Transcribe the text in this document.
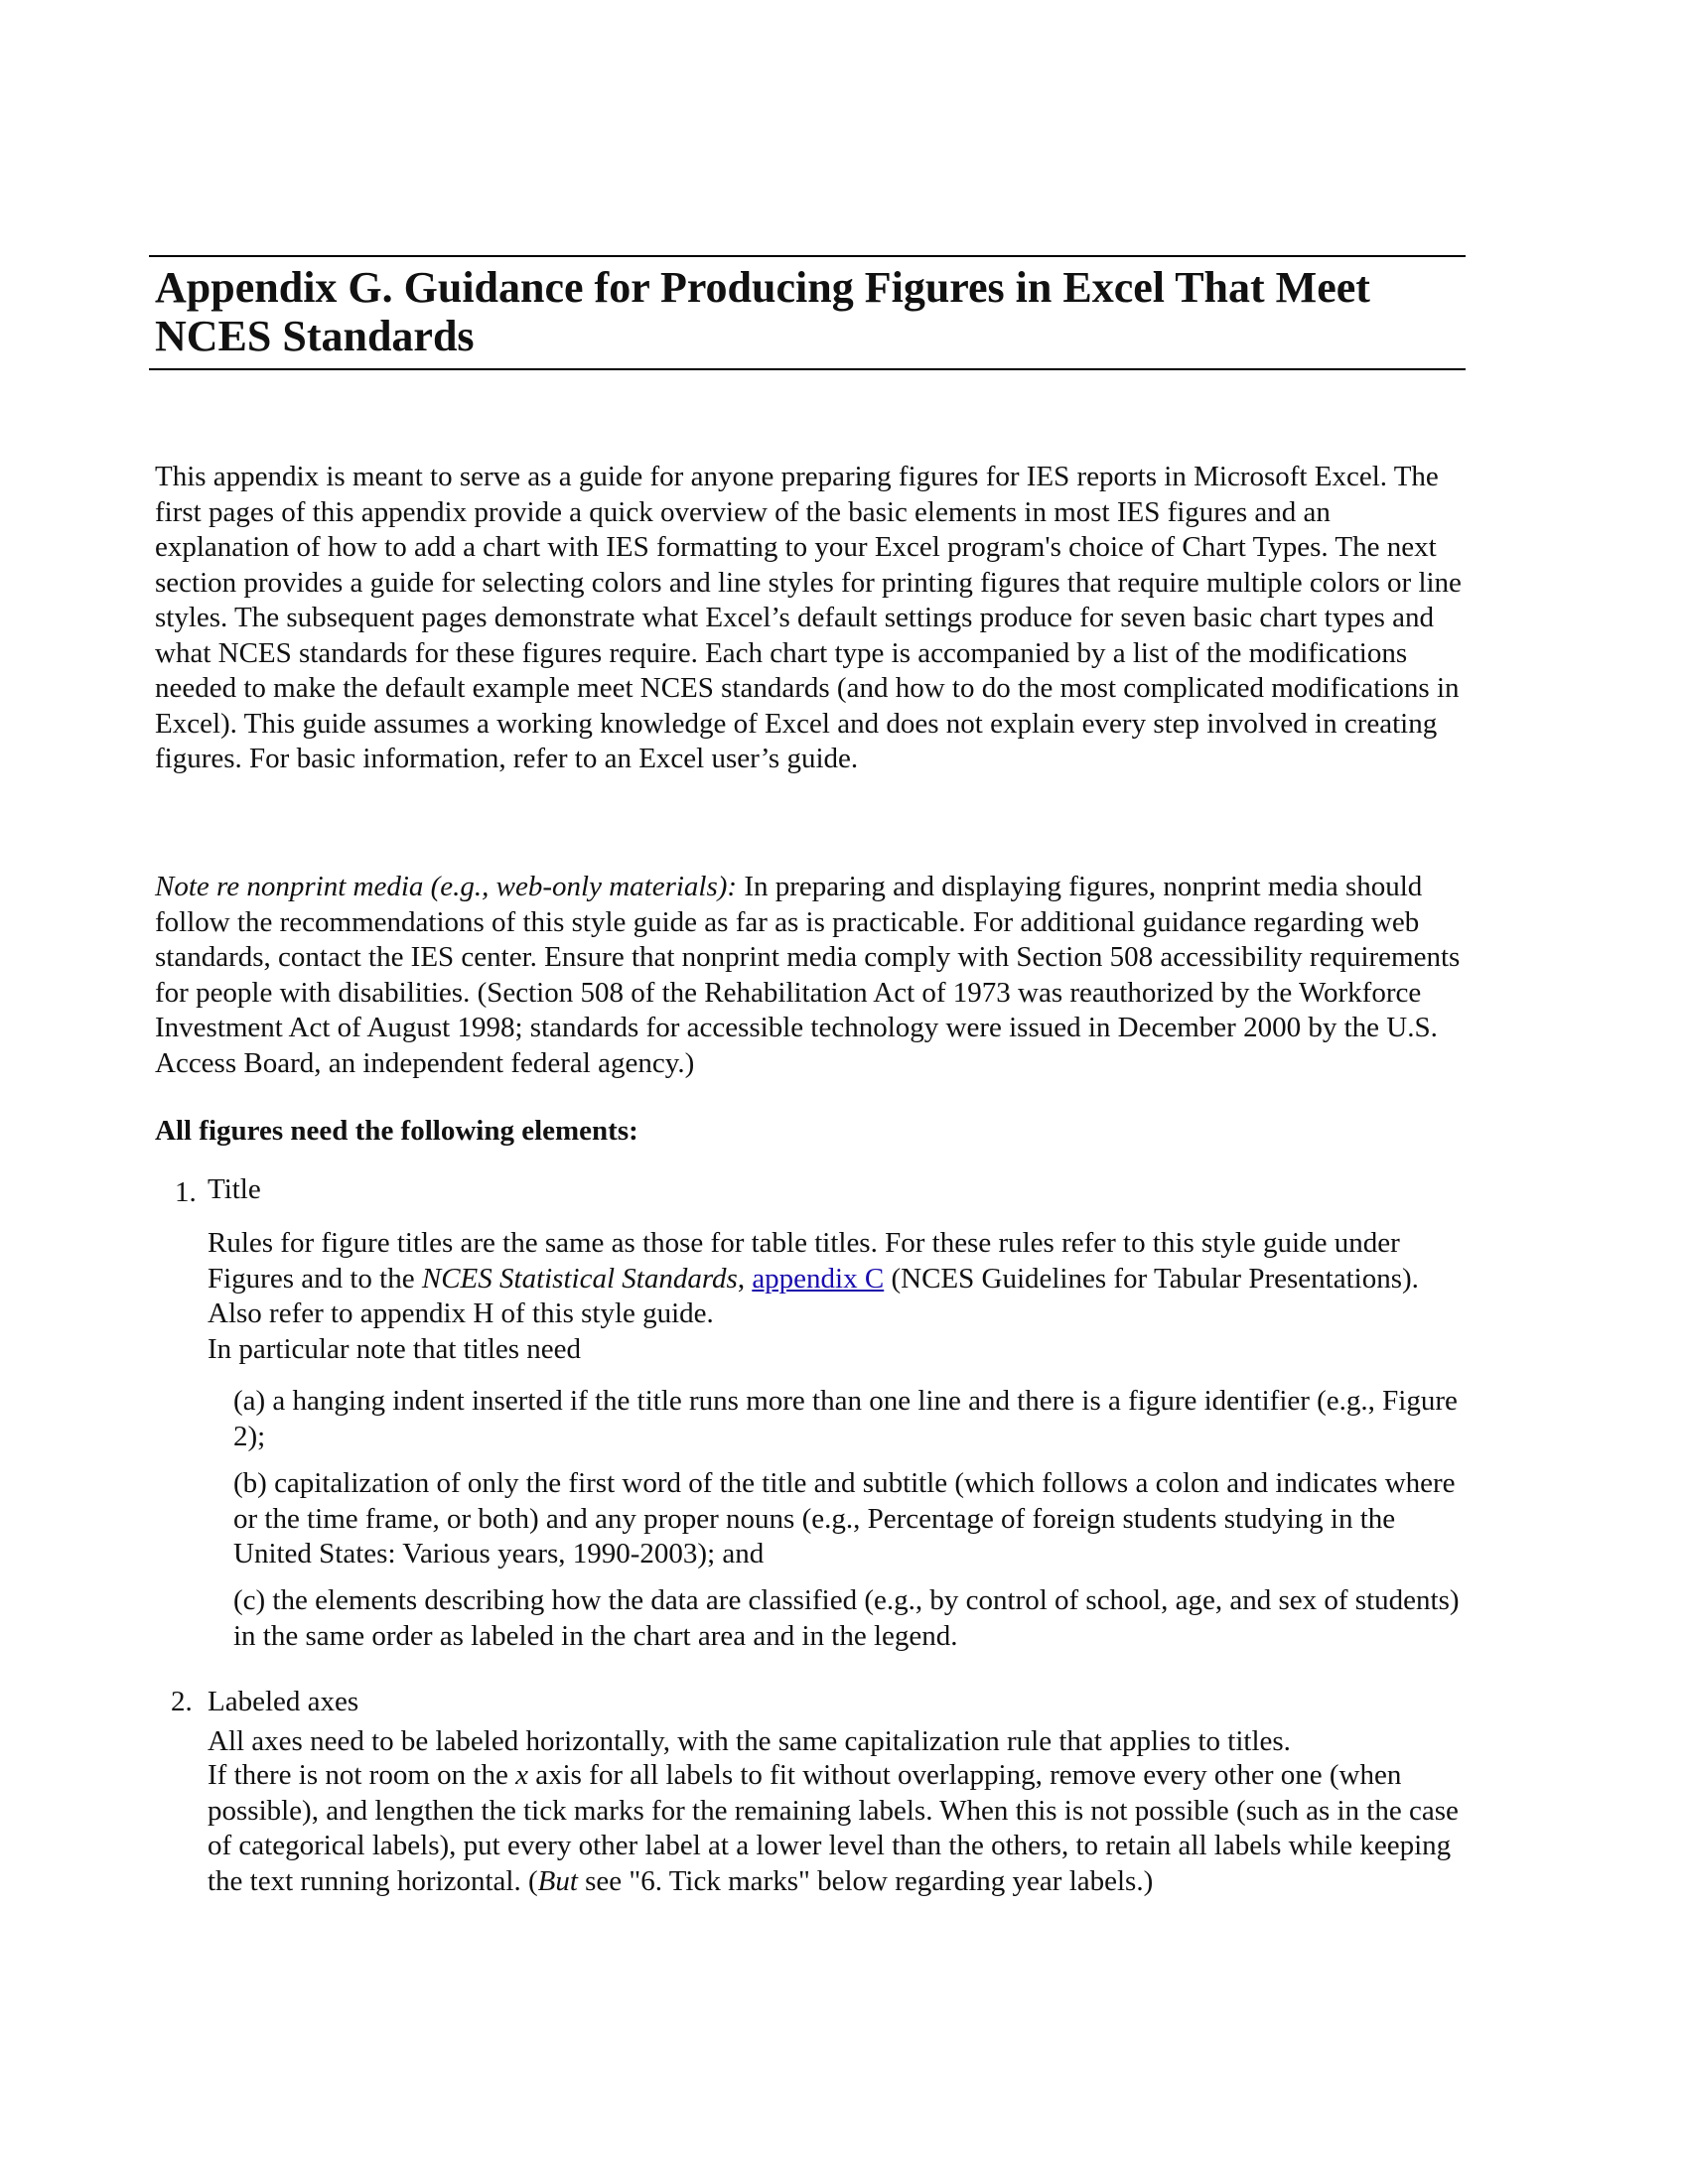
Appendix G. Guidance for Producing Figures in Excel That Meet NCES Standards

This appendix is meant to serve as a guide for anyone preparing figures for IES reports in Microsoft Excel. The first pages of this appendix provide a quick overview of the basic elements in most IES figures and an explanation of how to add a chart with IES formatting to your Excel program's choice of Chart Types. The next section provides a guide for selecting colors and line styles for printing figures that require multiple colors or line styles. The subsequent pages demonstrate what Excel’s default settings produce for seven basic chart types and what NCES standards for these figures require. Each chart type is accompanied by a list of the modifications needed to make the default example meet NCES standards (and how to do the most complicated modifications in Excel). This guide assumes a working knowledge of Excel and does not explain every step involved in creating figures. For basic information, refer to an Excel user’s guide.

Note re nonprint media (e.g., web-only materials): In preparing and displaying figures, nonprint media should follow the recommendations of this style guide as far as is practicable. For additional guidance regarding web standards, contact the IES center. Ensure that nonprint media comply with Section 508 accessibility requirements for people with disabilities. (Section 508 of the Rehabilitation Act of 1973 was reauthorized by the Workforce Investment Act of August 1998; standards for accessible technology were issued in December 2000 by the U.S. Access Board, an independent federal agency.)

All figures need the following elements:

1. Title

Rules for figure titles are the same as those for table titles. For these rules refer to this style guide under Figures and to the NCES Statistical Standards, appendix C (NCES Guidelines for Tabular Presentations). Also refer to appendix H of this style guide.

In particular note that titles need

(a) a hanging indent inserted if the title runs more than one line and there is a figure identifier (e.g., Figure 2);

(b) capitalization of only the first word of the title and subtitle (which follows a colon and indicates where or the time frame, or both) and any proper nouns (e.g., Percentage of foreign students studying in the United States: Various years, 1990-2003); and

(c) the elements describing how the data are classified (e.g., by control of school, age, and sex of students) in the same order as labeled in the chart area and in the legend.

2. Labeled axes

All axes need to be labeled horizontally, with the same capitalization rule that applies to titles.

If there is not room on the x axis for all labels to fit without overlapping, remove every other one (when possible), and lengthen the tick marks for the remaining labels. When this is not possible (such as in the case of categorical labels), put every other label at a lower level than the others, to retain all labels while keeping the text running horizontal. (But see "6. Tick marks" below regarding year labels.)
